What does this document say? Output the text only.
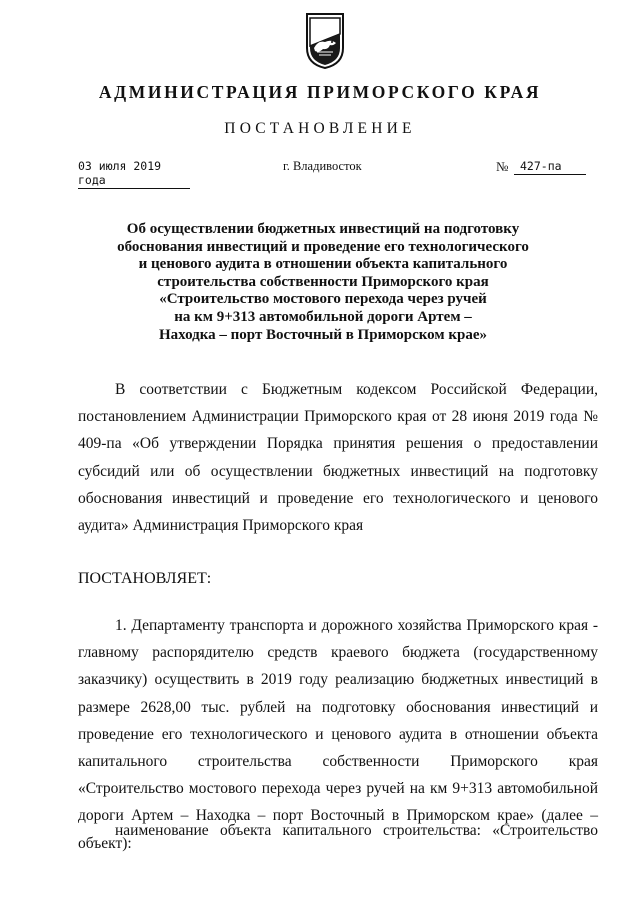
АДМИНИСТРАЦИЯ ПРИМОРСКОГО КРАЯ
ПОСТАНОВЛЕНИЕ
03 июля 2019 года
г. Владивосток	№	427-па
Об осуществлении бюджетных инвестиций на подготовку
обоснования инвестиций и проведение его технологического
и ценового аудита в отношении объекта капитального
строительства собственности Приморского края
«Строительство мостового перехода через ручей
на км 9+313 автомобильной дороги Артем –
Находка – порт Восточный в Приморском крае»

В соответствии с Бюджетным кодексом Российской Федерации, постановлением Администрации Приморского края от 28 июня 2019 года № 409-па «Об утверждении Порядка принятия решения о предоставлении субсидий или об осуществлении бюджетных инвестиций на подготовку обоснования инвестиций и проведение его технологического и ценового аудита» Администрация Приморского края

ПОСТАНОВЛЯЕТ:

1. Департаменту транспорта и дорожного хозяйства Приморского края - главному распорядителю средств краевого бюджета (государственному заказчику) осуществить в 2019 году реализацию бюджетных инвестиций в размере 2628,00 тыс. рублей на подготовку обоснования инвестиций и проведение его технологического и ценового аудита в отношении объекта капитального строительства собственности Приморского края «Строительство мостового перехода через ручей на км 9+313 автомобильной дороги Артем – Находка – порт Восточный в Приморском крае» (далее – объект):

наименование объекта капитального строительства: «Строительство
